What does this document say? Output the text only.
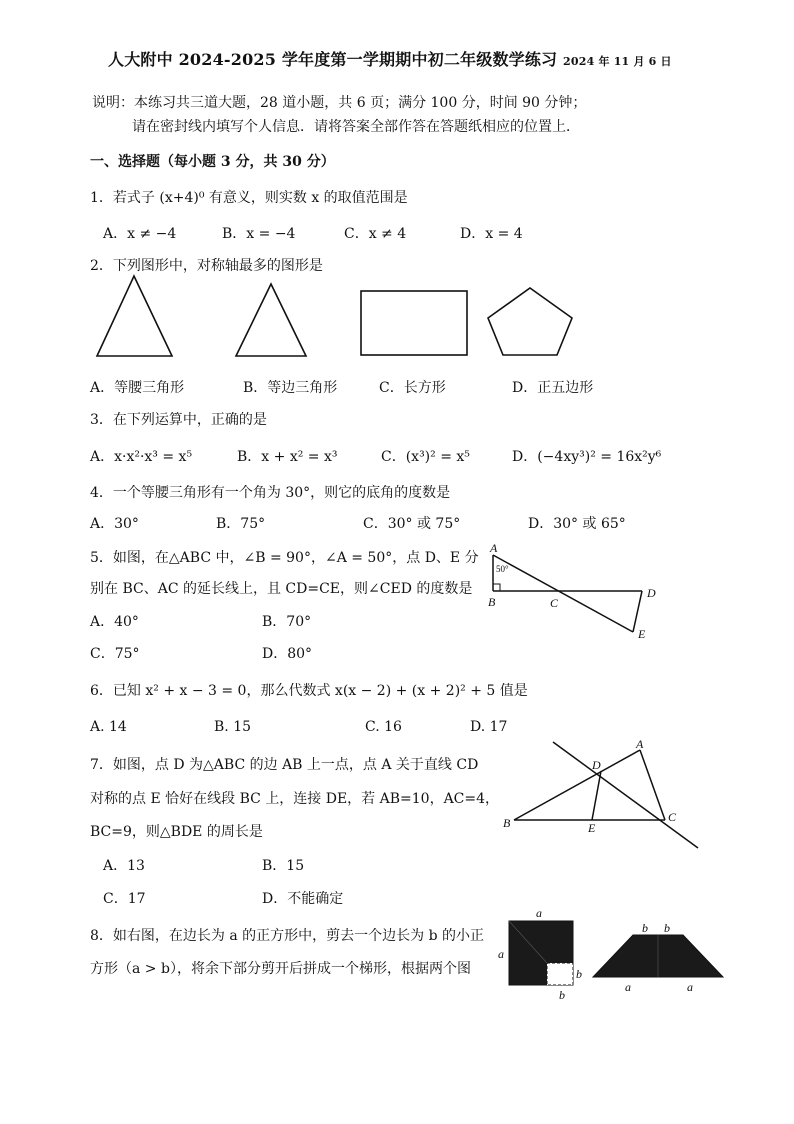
人大附中 2024-2025 学年度第一学期期中初二年级数学练习 2024 年 11 月 6 日
说明：本练习共三道大题，28 道小题，共 6 页；满分 100 分，时间 90 分钟；
请在密封线内填写个人信息．请将答案全部作答在答题纸相应的位置上．
一、选择题（每小题 3 分，共 30 分）
1．若式子 (x+4)⁰ 有意义，则实数 x 的取值范围是
A．x ≠ −4	B．x = −4	C．x ≠ 4	D．x = 4
2．下列图形中，对称轴最多的图形是
A．等腰三角形	B．等边三角形	C．长方形	D．正五边形
3．在下列运算中，正确的是
A．x·x²·x³ = x⁵	B．x + x² = x³	C．(x³)² = x⁵	D．(−4xy³)² = 16x²y⁶
4．一个等腰三角形有一个角为 30°，则它的底角的度数是
A．30°	B．75°	C．30° 或 75°	D．30° 或 65°
5．如图，在△ABC 中，∠B = 90°，∠A = 50°，点 D、E 分
别在 BC、AC 的延长线上，且 CD=CE，则∠CED 的度数是
A．40°	B．70°
C．75°	D．80°
A
B	C
D
E
50°
6．已知 x² + x − 3 = 0，那么代数式 x(x − 2) + (x + 2)² + 5 值是
A. 14	B. 15	C. 16	D. 17
7．如图，点 D 为△ABC 的边 AB 上一点，点 A 关于直线 CD
对称的点 E 恰好在线段 BC 上，连接 DE，若 AB=10，AC=4，
BC=9，则△BDE 的周长是
A．13	B．15
C．17	D．不能确定
A
B	C
D
E
8．如右图，在边长为 a 的正方形中，剪去一个边长为 b 的小正
方形（a > b），将余下部分剪开后拼成一个梯形，根据两个图
a
a
b
b
b b
a	a
